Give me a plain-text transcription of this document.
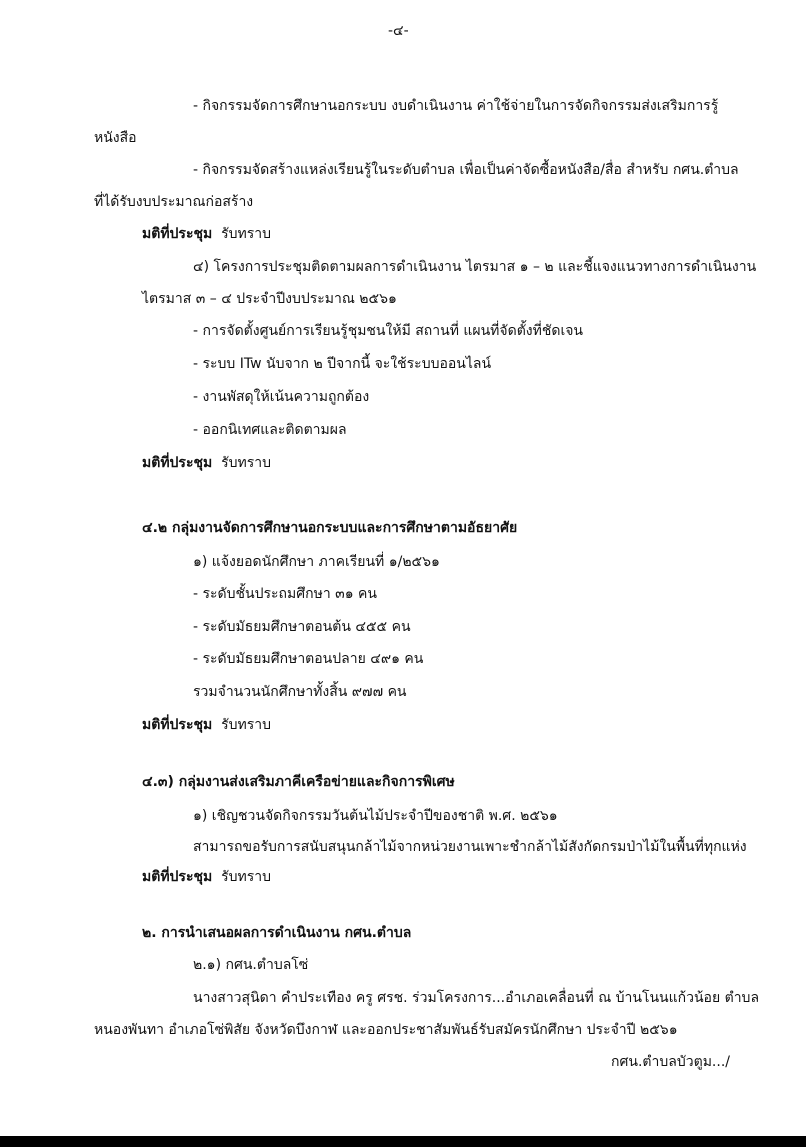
-๔-
- กิจกรรมจัดการศึกษานอกระบบ งบดำเนินงาน ค่าใช้จ่ายในการจัดกิจกรรมส่งเสริมการรู้
หนังสือ
- กิจกรรมจัดสร้างแหล่งเรียนรู้ในระดับตำบล เพื่อเป็นค่าจัดซื้อหนังสือ/สื่อ สำหรับ กศน.ตำบล
ที่ได้รับงบประมาณก่อสร้าง
มติที่ประชุม รับทราบ
๔) โครงการประชุมติดตามผลการดำเนินงาน ไตรมาส ๑ – ๒ และชี้แจงแนวทางการดำเนินงาน
ไตรมาส ๓ – ๔ ประจำปีงบประมาณ ๒๕๖๑
- การจัดตั้งศูนย์การเรียนรู้ชุมชนให้มี สถานที่ แผนที่จัดตั้งที่ชัดเจน
- ระบบ ITw นับจาก ๒ ปีจากนี้ จะใช้ระบบออนไลน์
- งานพัสดุให้เน้นความถูกต้อง
- ออกนิเทศและติดตามผล
มติที่ประชุม รับทราบ
๔.๒ กลุ่มงานจัดการศึกษานอกระบบและการศึกษาตามอัธยาศัย
๑) แจ้งยอดนักศึกษา ภาคเรียนที่ ๑/๒๕๖๑
- ระดับชั้นประถมศึกษา ๓๑ คน
- ระดับมัธยมศึกษาตอนต้น ๔๕๕ คน
- ระดับมัธยมศึกษาตอนปลาย ๔๙๑ คน
รวมจำนวนนักศึกษาทั้งสิ้น ๙๗๗ คน
มติที่ประชุม รับทราบ
๔.๓) กลุ่มงานส่งเสริมภาคีเครือข่ายและกิจการพิเศษ
๑) เชิญชวนจัดกิจกรรมวันต้นไม้ประจำปีของชาติ พ.ศ. ๒๕๖๑
สามารถขอรับการสนับสนุนกล้าไม้จากหน่วยงานเพาะชำกล้าไม้สังกัดกรมป่าไม้ในพื้นที่ทุกแห่ง
มติที่ประชุม รับทราบ
๒. การนำเสนอผลการดำเนินงาน กศน.ตำบล
๒.๑) กศน.ตำบลโซ่
นางสาวสุนิดา คำประเทือง ครู ศรช. ร่วมโครงการ...อำเภอเคลื่อนที่ ณ บ้านโนนแก้วน้อย ตำบล
หนองพันทา อำเภอโซ่พิสัย จังหวัดบึงกาฬ และออกประชาสัมพันธ์รับสมัครนักศึกษา ประจำปี ๒๕๖๑
กศน.ตำบลบัวตูม.../
